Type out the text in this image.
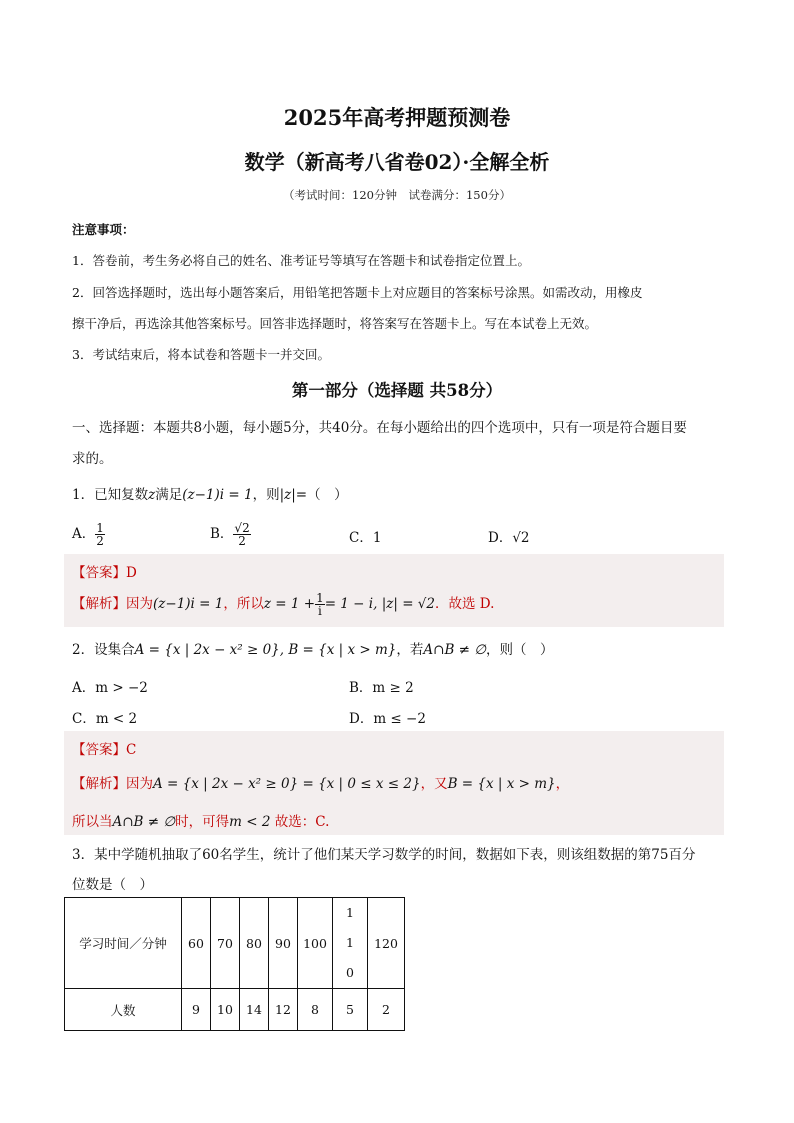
2025年高考押题预测卷
数学（新高考八省卷02）·全解全析
（考试时间：120分钟　试卷满分：150分）
注意事项：
1．答卷前，考生务必将自己的姓名、准考证号等填写在答题卡和试卷指定位置上。
2．回答选择题时，选出每小题答案后，用铅笔把答题卡上对应题目的答案标号涂黑。如需改动，用橡皮
擦干净后，再选涂其他答案标号。回答非选择题时，将答案写在答题卡上。写在本试卷上无效。
3．考试结束后，将本试卷和答题卡一并交回。
第一部分（选择题 共58分）
一、选择题：本题共8小题，每小题5分，共40分。在每小题给出的四个选项中，只有一项是符合题目要
求的。
1．已知复数z满足(z−1)i = 1，则|z|=（　）
A． $\frac{1}{2}$	B． $\frac{√2}{2}$	C．1	D．√2
【答案】D
【解析】因为(z−1)i = 1，所以$z = 1 + \frac{1}{i} = 1 - i$, |z| = √2．故选 D.
2．设集合A = {x | 2x − x² ≥ 0}, B = {x | x > m}，若A∩B ≠ ∅，则（　）
A．m > −2	B．m ≥ 2
C．m < 2	D．m ≤ −2
【答案】C
【解析】因为A = {x | 2x − x² ≥ 0} = {x | 0 ≤ x ≤ 2}，又B = {x | x > m}，
所以当A∩B ≠ ∅时，可得m < 2 故选：C.
3．某中学随机抽取了60名学生，统计了他们某天学习数学的时间，数据如下表，则该组数据的第75百分
位数是（　）
学习时间／分钟	60	70	80	90	100	110	120
人数	9	10	14	12	8	5	2
